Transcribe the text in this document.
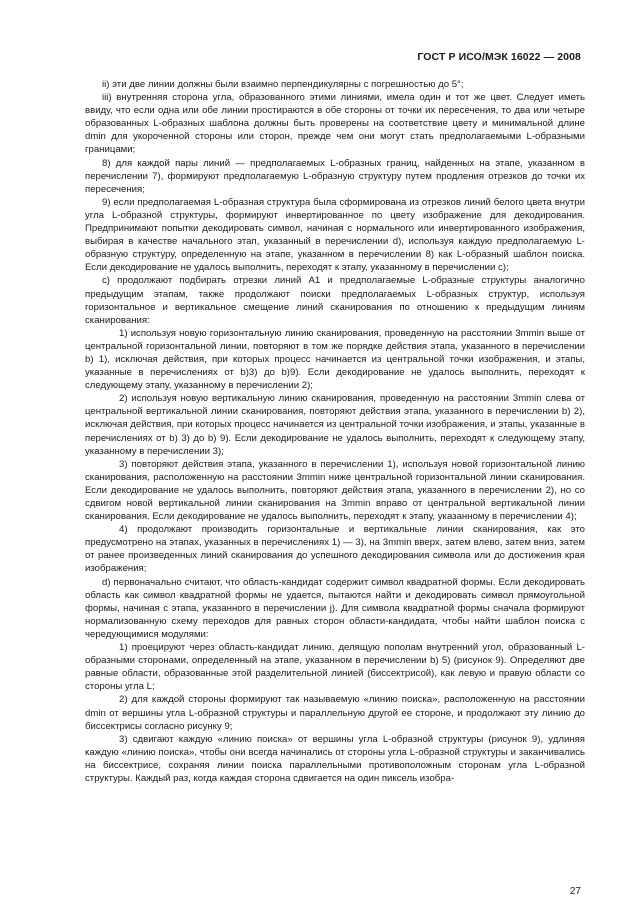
ГОСТ Р ИСО/МЭК 16022 — 2008

ii) эти две линии должны были взаимно перпендикулярны с погрешностью до 5°;

iii) внутренняя сторона угла, образованного этими линиями, имела один и тот же цвет. Следует иметь ввиду, что если одна или обе линии простираются в обе стороны от точки их пересечения, то два или четыре образованных L-образных шаблона должны быть проверены на соответствие цвету и минимальной длине dmin для укороченной стороны или сторон, прежде чем они могут стать предполагаемыми L-образными границами;

8) для каждой пары линий — предполагаемых L-образных границ, найденных на этапе, указанном в перечислении 7), формируют предполагаемую L-образную структуру путем продления отрезков до точки их пересечения;

9) если предполагаемая L-образная структура была сформирована из отрезков линий белого цвета внутри угла L-образной структуры, формируют инвертированное по цвету изображение для декодирования. Предпринимают попытки декодировать символ, начиная с нормального или инвертированного изображения, выбирая в качестве начального этап, указанный в перечислении d), используя каждую предполагаемую L-образную структуру, определенную на этапе, указанном в перечислении 8) как L-образный шаблон поиска. Если декодирование не удалось выполнить, переходят к этапу, указанному в перечислении c);

c) продолжают подбирать отрезки линий A1 и предполагаемые L-образные структуры аналогично предыдущим этапам, также продолжают поиски предполагаемых L-образных структур, используя горизонтальное и вертикальное смещение линий сканирования по отношению к предыдущим линиям сканирования:

1) используя новую горизонтальную линию сканирования, проведенную на расстоянии 3mmin выше от центральной горизонтальной линии, повторяют в том же порядке действия этапа, указанного в перечислении b) 1), исключая действия, при которых процесс начинается из центральной точки изображения, и этапы, указанные в перечислениях от b)3) до b)9). Если декодирование не удалось выполнить, переходят к следующему этапу, указанному в перечислении 2);

2) используя новую вертикальную линию сканирования, проведенную на расстоянии 3mmin слева от центральной вертикальной линии сканирования, повторяют действия этапа, указанного в перечислении b) 2), исключая действия, при которых процесс начинается из центральной точки изображения, и этапы, указанные в перечислениях от b) 3) до b) 9). Если декодирование не удалось выполнить, переходят к следующему этапу, указанному в перечислении 3);

3) повторяют действия этапа, указанного в перечислении 1), используя новой горизонтальной линию сканирования, расположенную на расстоянии 3mmin ниже центральной горизонтальной линии сканирования. Если декодирование не удалось выполнить, повторяют действия этапа, указанного в перечислении 2), но со сдвигом новой вертикальной линии сканирования на 3mmin вправо от центральной вертикальной линии сканирования. Если декодирование не удалось выполнить, переходят к этапу, указанному в перечислении 4);

4) продолжают производить горизонтальные и вертикальные линии сканирования, как это предусмотрено на этапах, указанных в перечислениях 1) — 3), на 3mmin вверх, затем влево, затем вниз, затем от ранее произведенных линий сканирования до успешного декодирования символа или до достижения края изображения;

d) первоначально считают, что область-кандидат содержит символ квадратной формы. Если декодировать область как символ квадратной формы не удается, пытаются найти и декодировать символ прямоугольной формы, начиная с этапа, указанного в перечислении j). Для символа квадратной формы сначала формируют нормализованную схему переходов для равных сторон области-кандидата, чтобы найти шаблон поиска с чередующимися модулями:

1) проецируют через область-кандидат линию, делящую пополам внутренний угол, образованный L-образными сторонами, определенный на этапе, указанном в перечислении b) 5) (рисунок 9). Определяют две равные области, образованные этой разделительной линией (биссектрисой), как левую и правую области со стороны угла L;

2) для каждой стороны формируют так называемую «линию поиска», расположенную на расстоянии dmin от вершины угла L-образной структуры и параллельную другой ее стороне, и продолжают эту линию до биссектрисы согласно рисунку 9;

3) сдвигают каждую «линию поиска» от вершины угла L-образной структуры (рисунок 9), удлиняя каждую «линию поиска», чтобы они всегда начинались от стороны угла L-образной структуры и заканчивались на биссектрисе, сохраняя линии поиска параллельными противоположным сторонам угла L-образной структуры. Каждый раз, когда каждая сторона сдвигается на один пиксель изобра-

27
